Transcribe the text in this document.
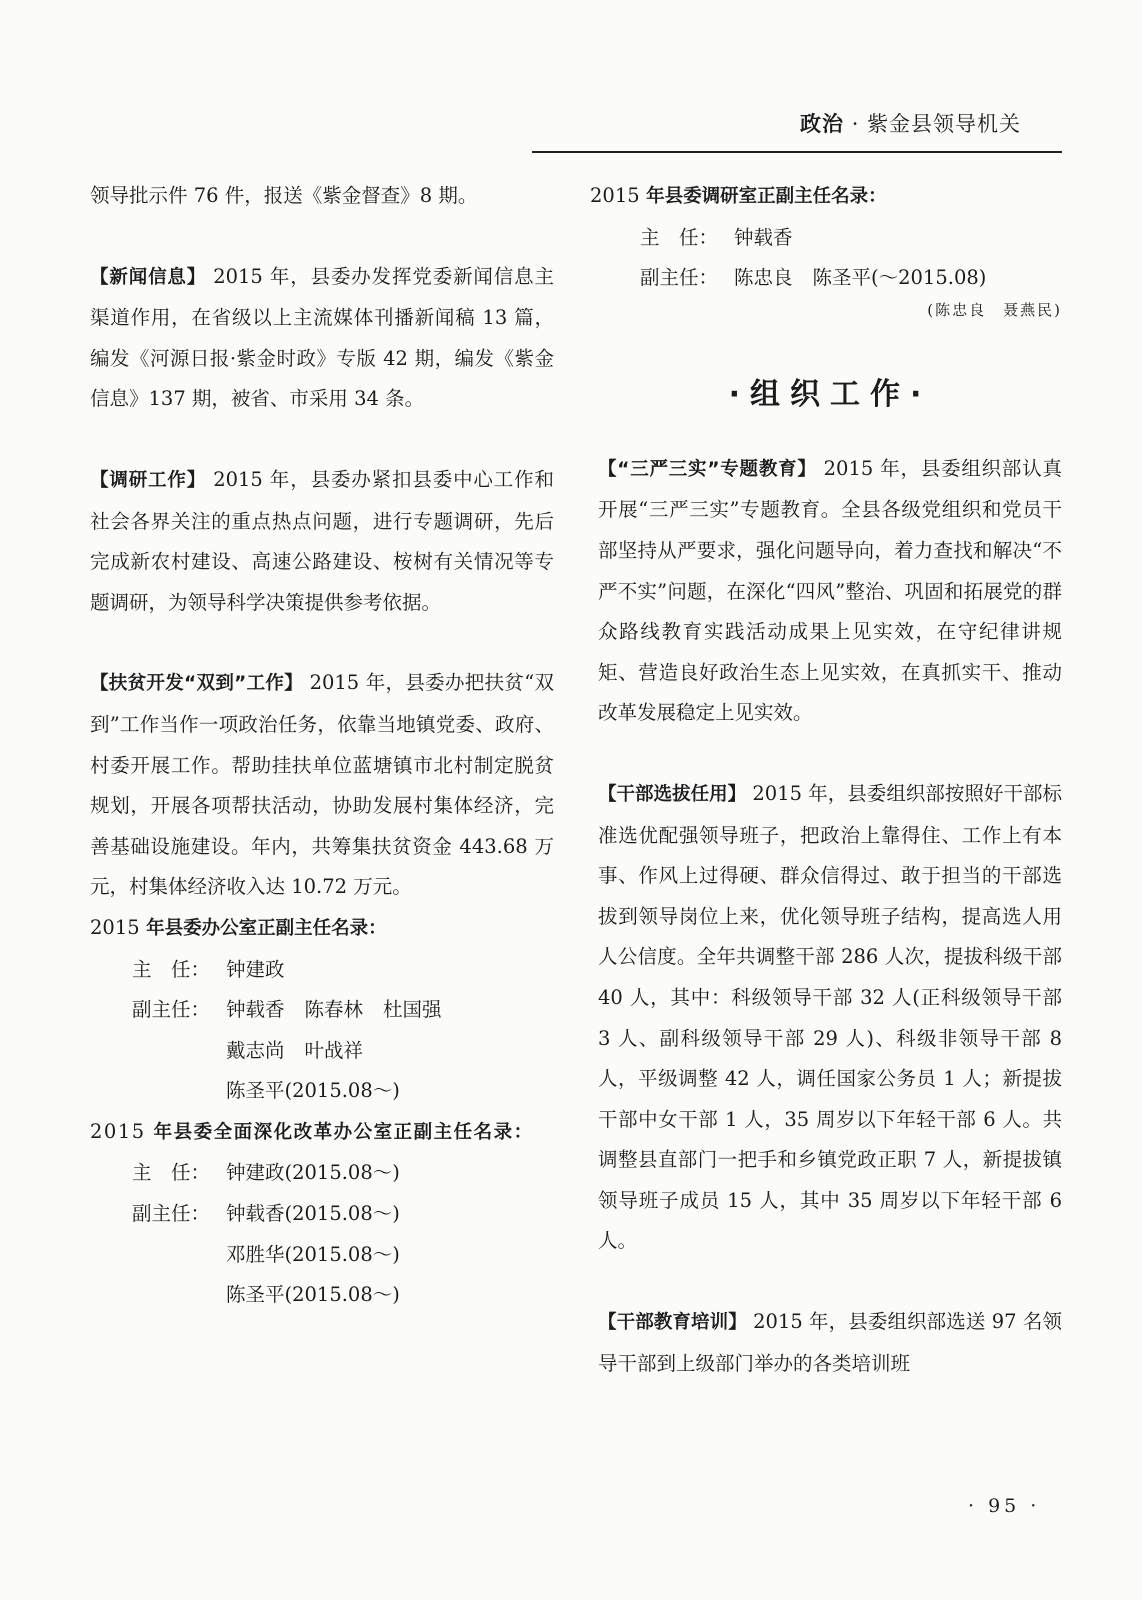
政治 · 紫金县领导机关

领导批示件 76 件，报送《紫金督查》8 期。

【新闻信息】 2015 年，县委办发挥党委新闻信息主渠道作用，在省级以上主流媒体刊播新闻稿 13 篇，编发《河源日报·紫金时政》专版 42 期，编发《紫金信息》137 期，被省、市采用 34 条。

【调研工作】 2015 年，县委办紧扣县委中心工作和社会各界关注的重点热点问题，进行专题调研，先后完成新农村建设、高速公路建设、桉树有关情况等专题调研，为领导科学决策提供参考依据。

【扶贫开发“双到”工作】 2015 年，县委办把扶贫“双到”工作当作一项政治任务，依靠当地镇党委、政府、村委开展工作。帮助挂扶单位蓝塘镇市北村制定脱贫规划，开展各项帮扶活动，协助发展村集体经济，完善基础设施建设。年内，共筹集扶贫资金 443.68 万元，村集体经济收入达 10.72 万元。

2015 年县委办公室正副主任名录：
主　任： 钟建政
副主任： 钟载香 陈春林 杜国强
戴志尚 叶战祥
陈圣平(2015.08～)
2015 年县委全面深化改革办公室正副主任名录：
主　任： 钟建政(2015.08～)
副主任： 钟载香(2015.08～)
邓胜华(2015.08～)
陈圣平(2015.08～)
2015 年县委调研室正副主任名录：
主　任： 钟载香
副主任： 陈忠良 陈圣平(～2015.08)
(陈忠良　聂燕民)
·组织工作·

【“三严三实”专题教育】 2015 年，县委组织部认真开展“三严三实”专题教育。全县各级党组织和党员干部坚持从严要求，强化问题导向，着力查找和解决“不严不实”问题，在深化“四风”整治、巩固和拓展党的群众路线教育实践活动成果上见实效，在守纪律讲规矩、营造良好政治生态上见实效，在真抓实干、推动改革发展稳定上见实效。

【干部选拔任用】 2015 年，县委组织部按照好干部标准选优配强领导班子，把政治上靠得住、工作上有本事、作风上过得硬、群众信得过、敢于担当的干部选拔到领导岗位上来，优化领导班子结构，提高选人用人公信度。全年共调整干部 286 人次，提拔科级干部 40 人，其中：科级领导干部 32 人(正科级领导干部 3 人、副科级领导干部 29 人)、科级非领导干部 8 人，平级调整 42 人，调任国家公务员 1 人；新提拔干部中女干部 1 人，35 周岁以下年轻干部 6 人。共调整县直部门一把手和乡镇党政正职 7 人，新提拔镇领导班子成员 15 人，其中 35 周岁以下年轻干部 6 人。

【干部教育培训】 2015 年，县委组织部选送 97 名领导干部到上级部门举办的各类培训班

· 95 ·
